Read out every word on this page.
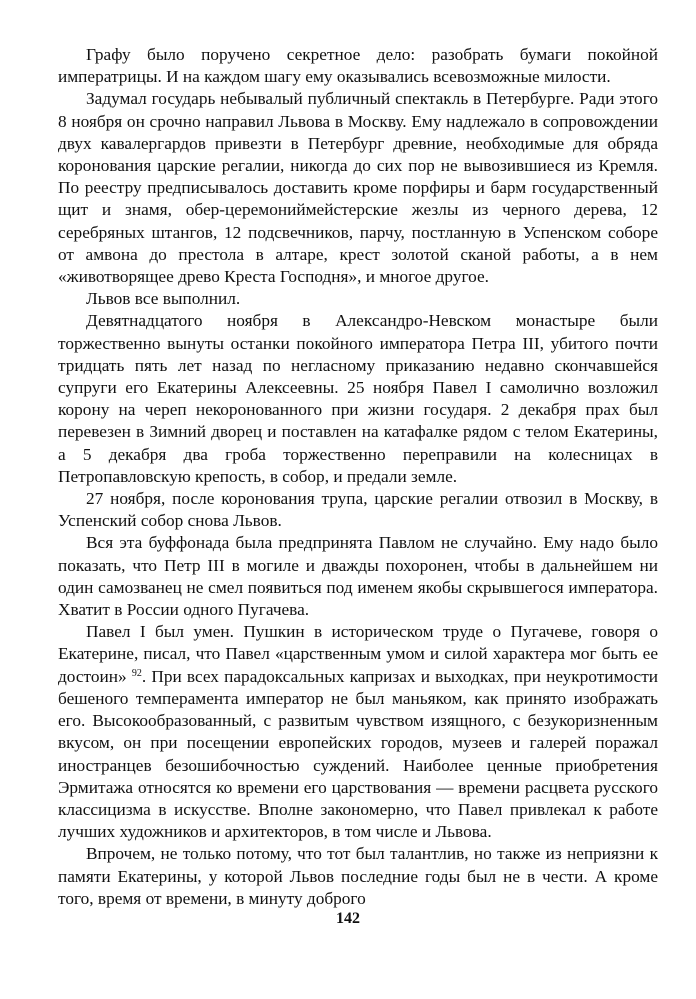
Графу было поручено секретное дело: разобрать бумаги покойной императрицы. И на каждом шагу ему оказывались всевозможные милости.

Задумал государь небывалый публичный спектакль в Петербурге. Ради этого 8 ноября он срочно направил Львова в Москву. Ему надлежало в сопровождении двух кавалергардов привезти в Петербург древние, необходимые для обряда коронования царские регалии, никогда до сих пор не вывозившиеся из Кремля. По реестру предписывалось доставить кроме порфиры и барм государственный щит и знамя, обер-церемониймейстерские жезлы из черного дерева, 12 серебряных штангов, 12 подсвечников, парчу, постланную в Успенском соборе от амвона до престола в алтаре, крест золотой сканой работы, а в нем «животворящее древо Креста Господня», и многое другое.

Львов все выполнил.

Девятнадцатого ноября в Александро-Невском монастыре были торжественно вынуты останки покойного императора Петра III, убитого почти тридцать пять лет назад по негласному приказанию недавно скончавшейся супруги его Екатерины Алексеевны. 25 ноября Павел I самолично возложил корону на череп некоронованного при жизни государя. 2 декабря прах был перевезен в Зимний дворец и поставлен на катафалке рядом с телом Екатерины, а 5 декабря два гроба торжественно переправили на колесницах в Петропавловскую крепость, в собор, и предали земле.

27 ноября, после коронования трупа, царские регалии отвозил в Москву, в Успенский собор снова Львов.

Вся эта буффонада была предпринята Павлом не случайно. Ему надо было показать, что Петр III в могиле и дважды похоронен, чтобы в дальнейшем ни один самозванец не смел появиться под именем якобы скрывшегося императора. Хватит в России одного Пугачева.

Павел I был умен. Пушкин в историческом труде о Пугачеве, говоря о Екатерине, писал, что Павел «царственным умом и силой характера мог быть ее достоин» $^{92}$. При всех парадоксальных капризах и выходках, при неукротимости бешеного темперамента император не был маньяком, как принято изображать его. Высокообразованный, с развитым чувством изящного, с безукоризненным вкусом, он при посещении европейских городов, музеев и галерей поражал иностранцев безошибочностью суждений. Наиболее ценные приобретения Эрмитажа относятся ко времени его царствования — времени расцвета русского классицизма в искусстве. Вполне закономерно, что Павел привлекал к работе лучших художников и архитекторов, в том числе и Львова.

Впрочем, не только потому, что тот был талантлив, но также из неприязни к памяти Екатерины, у которой Львов последние годы был не в чести. А кроме того, время от времени, в минуту доброго

142
